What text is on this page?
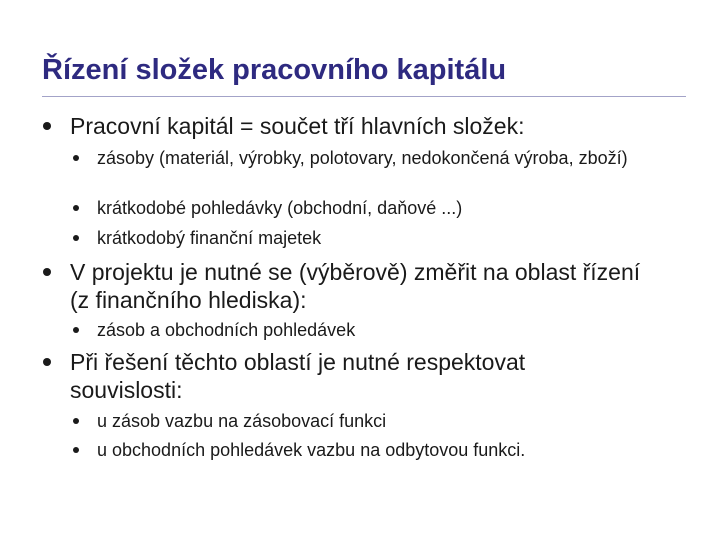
Řízení složek pracovního kapitálu

Pracovní kapitál = součet tří hlavních složek:

zásoby (materiál, výrobky, polotovary, nedokončená výroba, zboží)

krátkodobé pohledávky (obchodní, daňové ...)

krátkodobý finanční majetek

V projektu je nutné se (výběrově) změřit na oblast řízení (z finančního hlediska):

zásob a obchodních pohledávek

Při řešení těchto oblastí je nutné respektovat souvislosti:

u zásob vazbu na zásobovací funkci

u obchodních pohledávek vazbu na odbytovou funkci.
